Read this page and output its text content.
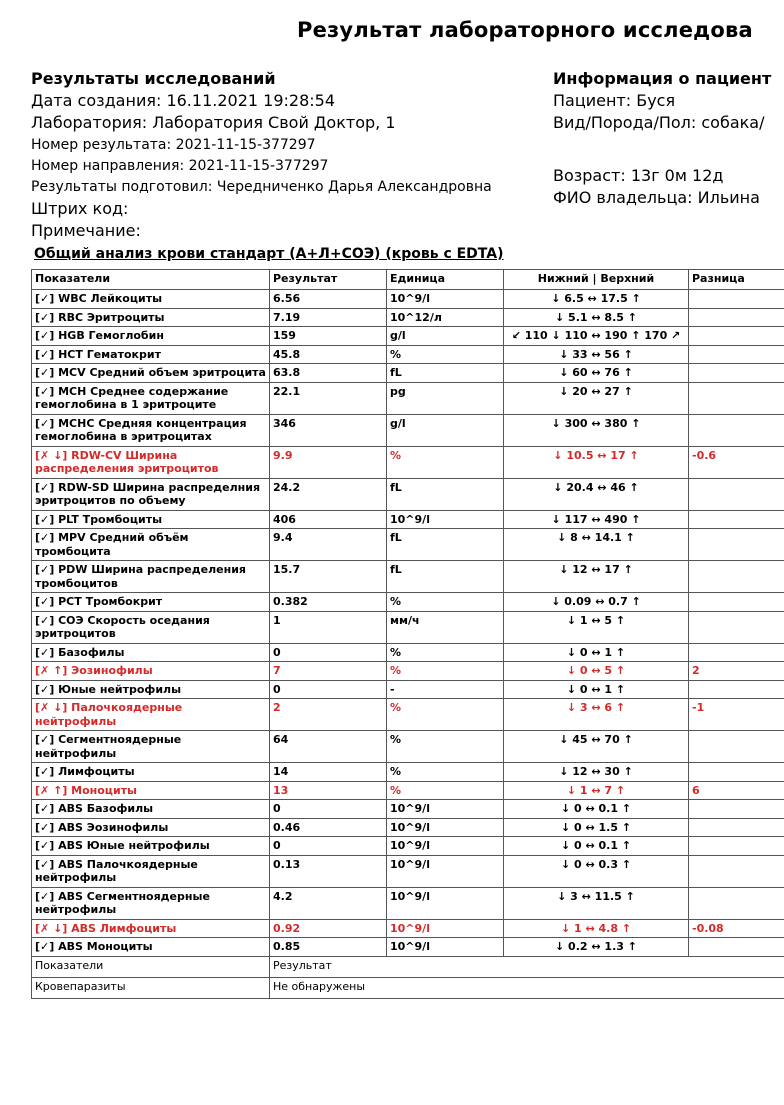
Результат лабораторного исследова
Результаты исследований
Дата создания: 16.11.2021 19:28:54
Лаборатория: Лаборатория Свой Доктор, 1
Номер результата: 2021-11-15-377297
Номер направления: 2021-11-15-377297
Результаты подготовил: Чередниченко Дарья Александровна
Штрих код:
Примечание:
Информация о пациент
Пациент: Буся
Вид/Порода/Пол: собака/
Возраст: 13г 0м 12д
ФИО владельца: Ильина
Общий анализ крови стандарт (А+Л+СОЭ) (кровь с EDTA)
Показатели	Результат	Единица	Нижний | Верхний	Разница
[✓] WBC Лейкоциты	6.56	10^9/l	↓ 6.5 ↔ 17.5 ↑	
[✓] RBC Эритроциты	7.19	10^12/л	↓ 5.1 ↔ 8.5 ↑	
[✓] HGB Гемоглобин	159	g/l	↙ 110 ↓ 110 ↔ 190 ↑ 170 ↗	
[✓] HCT Гематокрит	45.8	%	↓ 33 ↔ 56 ↑	
[✓] MCV Средний объем эритроцита	63.8	fL	↓ 60 ↔ 76 ↑	
[✓] MCH Среднее содержание гемоглобина в 1 эритроците	22.1	pg	↓ 20 ↔ 27 ↑	
[✓] MCHC Средняя концентрация гемоглобина в эритроцитах	346	g/l	↓ 300 ↔ 380 ↑	
[✗ ↓] RDW-CV Ширина распределения эритроцитов	9.9	%	↓ 10.5 ↔ 17 ↑	-0.6
[✓] RDW-SD Ширина распределния эритроцитов по объему	24.2	fL	↓ 20.4 ↔ 46 ↑	
[✓] PLT Тромбоциты	406	10^9/l	↓ 117 ↔ 490 ↑	
[✓] MPV Средний объём тромбоцита	9.4	fL	↓ 8 ↔ 14.1 ↑	
[✓] PDW Ширина распределения тромбоцитов	15.7	fL	↓ 12 ↔ 17 ↑	
[✓] PCT Тромбокрит	0.382	%	↓ 0.09 ↔ 0.7 ↑	
[✓] СОЭ Скорость оседания эритроцитов	1	мм/ч	↓ 1 ↔ 5 ↑	
[✓] Базофилы	0	%	↓ 0 ↔ 1 ↑	
[✗ ↑] Эозинофилы	7	%	↓ 0 ↔ 5 ↑	2
[✓] Юные нейтрофилы	0	-	↓ 0 ↔ 1 ↑	
[✗ ↓] Палочкоядерные нейтрофилы	2	%	↓ 3 ↔ 6 ↑	-1
[✓] Сегментноядерные нейтрофилы	64	%	↓ 45 ↔ 70 ↑	
[✓] Лимфоциты	14	%	↓ 12 ↔ 30 ↑	
[✗ ↑] Моноциты	13	%	↓ 1 ↔ 7 ↑	6
[✓] ABS Базофилы	0	10^9/l	↓ 0 ↔ 0.1 ↑	
[✓] ABS Эозинофилы	0.46	10^9/l	↓ 0 ↔ 1.5 ↑	
[✓] ABS Юные нейтрофилы	0	10^9/l	↓ 0 ↔ 0.1 ↑	
[✓] ABS Палочкоядерные нейтрофилы	0.13	10^9/l	↓ 0 ↔ 0.3 ↑	
[✓] ABS Сегментноядерные нейтрофилы	4.2	10^9/l	↓ 3 ↔ 11.5 ↑	
[✗ ↓] ABS Лимфоциты	0.92	10^9/l	↓ 1 ↔ 4.8 ↑	-0.08
[✓] ABS Моноциты	0.85	10^9/l	↓ 0.2 ↔ 1.3 ↑	
Показатели	Результат			
Кровепаразиты	Не обнаружены			
